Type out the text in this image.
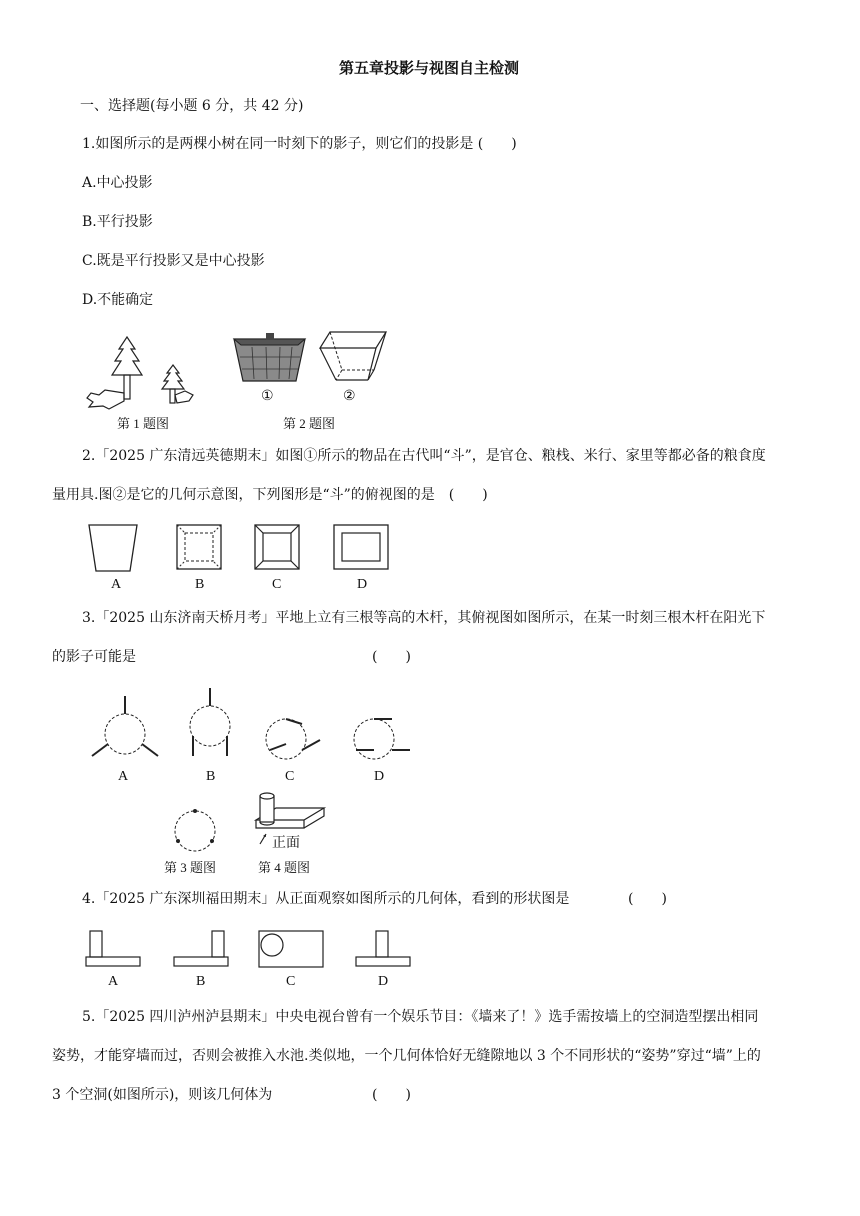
第五章投影与视图自主检测
一、选择题(每小题 6 分，共 42 分)
1.如图所示的是两棵小树在同一时刻下的影子，则它们的投影是 (　　)
A.中心投影
B.平行投影
C.既是平行投影又是中心投影
D.不能确定
第 1 题图
①	②
第 2 题图
2.「2025 广东清远英德期末」如图①所示的物品在古代叫“斗”，是官仓、粮栈、米行、家里等都必备的粮食度
量用具.图②是它的几何示意图，下列图形是“斗”的俯视图的是　(　　)
A	B	C	D
3.「2025 山东济南天桥月考」平地上立有三根等高的木杆，其俯视图如图所示，在某一时刻三根木杆在阳光下
的影子可能是	(　　)
A	B	C	D
第 3 题图
正面
第 4 题图
4.「2025 广东深圳福田期末」从正面观察如图所示的几何体，看到的形状图是	(　　)
A	B	C	D
5.「2025 四川泸州泸县期末」中央电视台曾有一个娱乐节目：《墙来了！》选手需按墙上的空洞造型摆出相同
姿势，才能穿墙而过，否则会被推入水池.类似地，一个几何体恰好无缝隙地以 3 个不同形状的“姿势”穿过“墙”上的
3 个空洞(如图所示)，则该几何体为	(　　)
